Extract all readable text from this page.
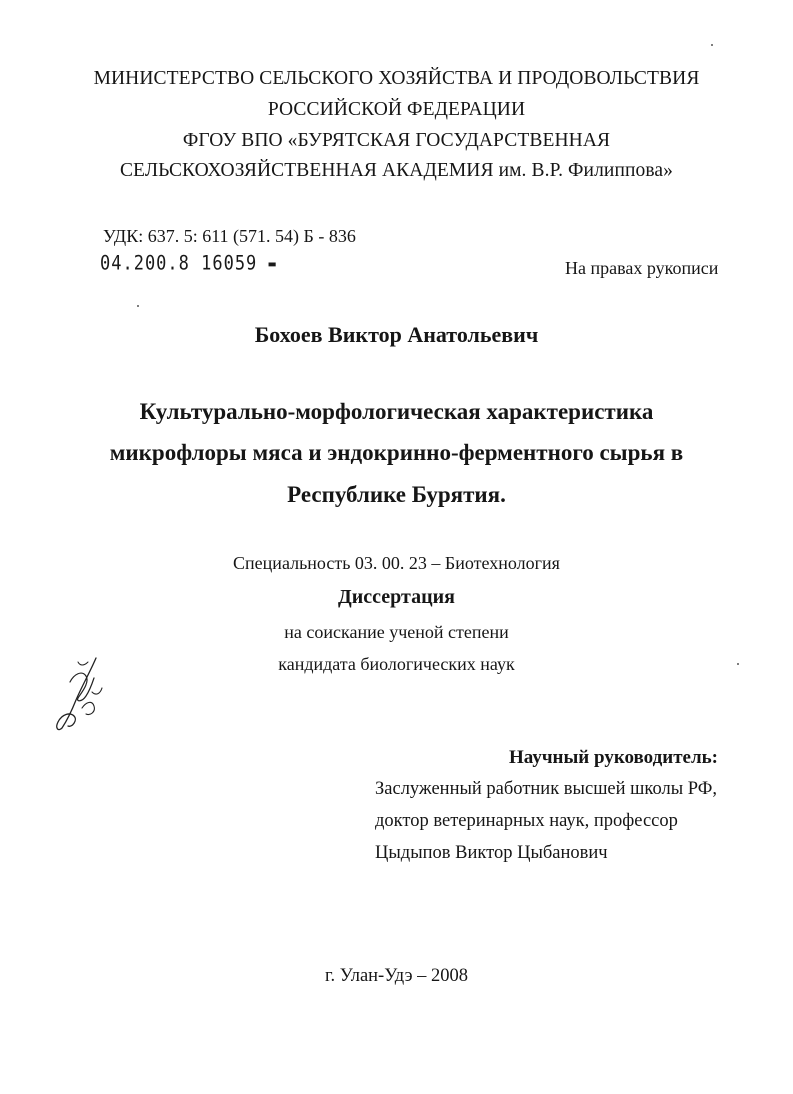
МИНИСТЕРСТВО СЕЛЬСКОГО ХОЗЯЙСТВА И ПРОДОВОЛЬСТВИЯ
РОССИЙСКОЙ ФЕДЕРАЦИИ
ФГОУ ВПО «БУРЯТСКАЯ ГОСУДАРСТВЕННАЯ
СЕЛЬСКОХОЗЯЙСТВЕННАЯ АКАДЕМИЯ им. В.Р. Филиппова»
УДК: 637. 5: 611 (571. 54) Б - 836
04.200.8 16059 ▬	На правах рукописи
Бохоев Виктор Анатольевич
Культурально-морфологическая характеристика
микрофлоры мяса и эндокринно-ферментного сырья в
Республике Бурятия.
Специальность 03. 00. 23 – Биотехнология
Диссертация
на соискание ученой степени
кандидата биологических наук
Научный руководитель:
Заслуженный работник высшей школы РФ,
доктор ветеринарных наук, профессор
Цыдыпов Виктор Цыбанович
г. Улан-Удэ – 2008
